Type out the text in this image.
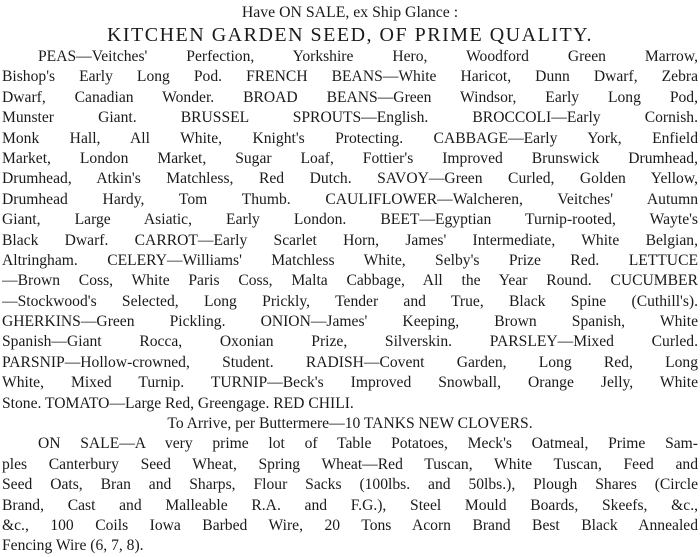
Have ON SALE, ex Ship Glance :
KITCHEN GARDEN SEED, OF PRIME QUALITY.
PEAS—Veitches' Perfection, Yorkshire Hero, Woodford Green Marrow,
Bishop's Early Long Pod. FRENCH BEANS—White Haricot, Dunn Dwarf, Zebra
Dwarf, Canadian Wonder. BROAD BEANS—Green Windsor, Early Long Pod,
Munster Giant. BRUSSEL SPROUTS—English. BROCCOLI—Early Cornish.
Monk Hall, All White, Knight's Protecting. CABBAGE—Early York, Enfield
Market, London Market, Sugar Loaf, Fottier's Improved Brunswick Drumhead,
Drumhead, Atkin's Matchless, Red Dutch. SAVOY—Green Curled, Golden Yellow,
Drumhead Hardy, Tom Thumb. CAULIFLOWER—Walcheren, Veitches' Autumn
Giant, Large Asiatic, Early London. BEET—Egyptian Turnip-rooted, Wayte's
Black Dwarf. CARROT—Early Scarlet Horn, James' Intermediate, White Belgian,
Altringham. CELERY—Williams' Matchless White, Selby's Prize Red. LETTUCE
—Brown Coss, White Paris Coss, Malta Cabbage, All the Year Round. CUCUMBER
—Stockwood's Selected, Long Prickly, Tender and True, Black Spine (Cuthill's).
GHERKINS—Green Pickling. ONION—James' Keeping, Brown Spanish, White
Spanish—Giant Rocca, Oxonian Prize, Silverskin. PARSLEY—Mixed Curled.
PARSNIP—Hollow-crowned, Student. RADISH—Covent Garden, Long Red, Long
White, Mixed Turnip. TURNIP—Beck's Improved Snowball, Orange Jelly, White
Stone. TOMATO—Large Red, Greengage. RED CHILI.
To Arrive, per Buttermere—10 TANKS NEW CLOVERS.
ON SALE—A very prime lot of Table Potatoes, Meck's Oatmeal, Prime Sam-
ples Canterbury Seed Wheat, Spring Wheat—Red Tuscan, White Tuscan, Feed and
Seed Oats, Bran and Sharps, Flour Sacks (100lbs. and 50lbs.), Plough Shares (Circle
Brand, Cast and Malleable R.A. and F.G.), Steel Mould Boards, Skeefs, &c.,
&c., 100 Coils Iowa Barbed Wire, 20 Tons Acorn Brand Best Black Annealed
Fencing Wire (6, 7, 8).
